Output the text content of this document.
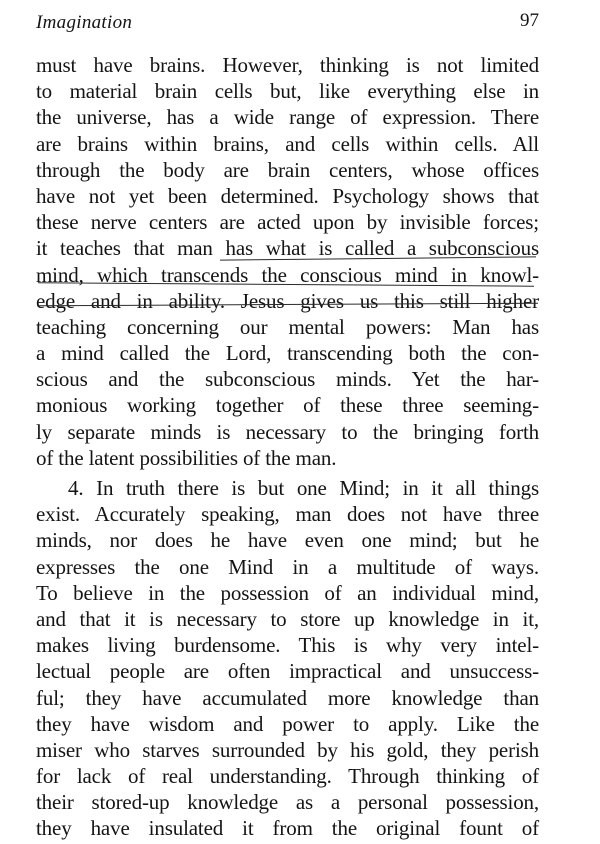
Imagination	97
must have brains. However, thinking is not limited
to material brain cells but, like everything else in
the universe, has a wide range of expression. There
are brains within brains, and cells within cells. All
through the body are brain centers, whose offices
have not yet been determined. Psychology shows that
these nerve centers are acted upon by invisible forces;
it teaches that man has what is called a subconscious
mind, which transcends the conscious mind in knowl-
edge and in ability. Jesus gives us this still higher
teaching concerning our mental powers: Man has
a mind called the Lord, transcending both the con-
scious and the subconscious minds. Yet the har-
monious working together of these three seeming-
ly separate minds is necessary to the bringing forth
of the latent possibilities of the man.
4. In truth there is but one Mind; in it all things
exist. Accurately speaking, man does not have three
minds, nor does he have even one mind; but he
expresses the one Mind in a multitude of ways.
To believe in the possession of an individual mind,
and that it is necessary to store up knowledge in it,
makes living burdensome. This is why very intel-
lectual people are often impractical and unsuccess-
ful; they have accumulated more knowledge than
they have wisdom and power to apply. Like the
miser who starves surrounded by his gold, they perish
for lack of real understanding. Through thinking of
their stored-up knowledge as a personal possession,
they have insulated it from the original fount of
